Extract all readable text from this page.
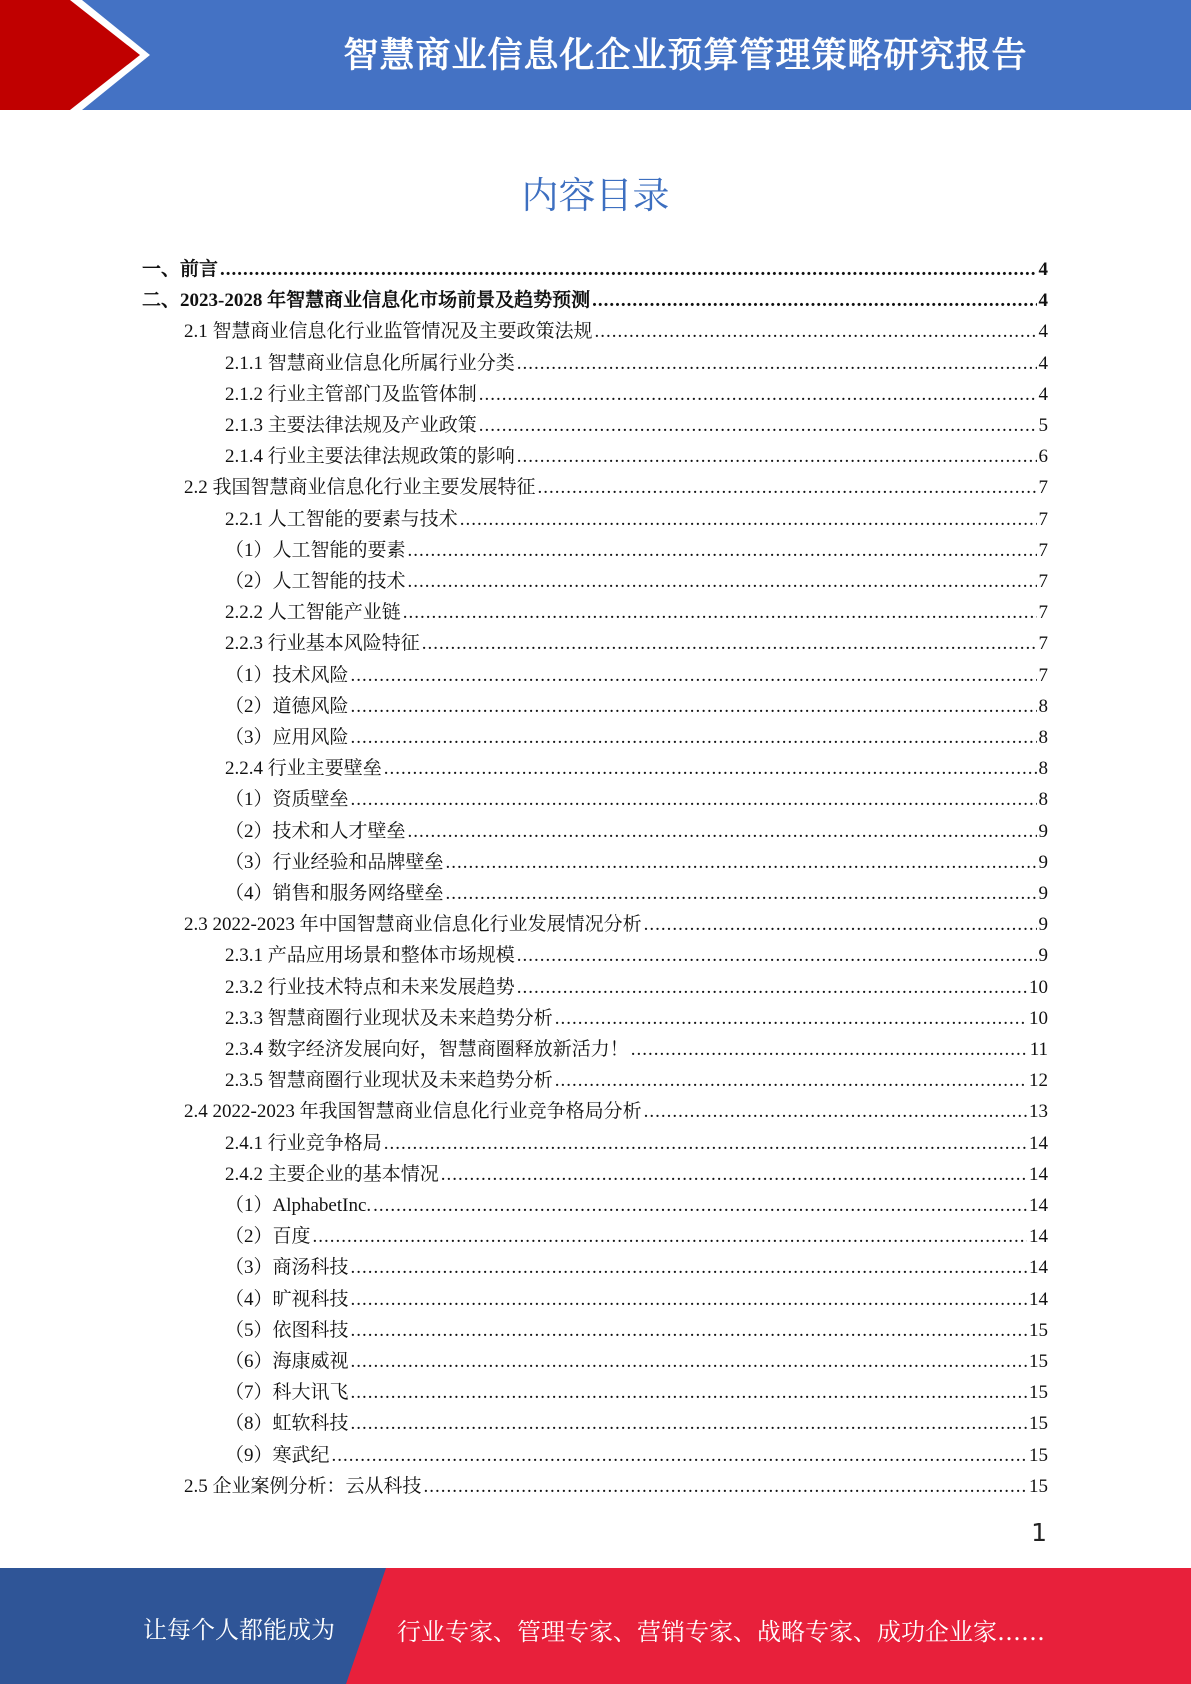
智慧商业信息化企业预算管理策略研究报告
内容目录
一、前言 .....	4
二、2023-2028 年智慧商业信息化市场前景及趋势预测 .....	4
2.1 智慧商业信息化行业监管情况及主要政策法规 .....	4
2.1.1 智慧商业信息化所属行业分类 .....	4
2.1.2 行业主管部门及监管体制 .....	4
2.1.3 主要法律法规及产业政策 .....	5
2.1.4 行业主要法律法规政策的影响 .....	6
2.2 我国智慧商业信息化行业主要发展特征 .....	7
2.2.1 人工智能的要素与技术 .....	7
（1）人工智能的要素 .....	7
（2）人工智能的技术 .....	7
2.2.2 人工智能产业链 .....	7
2.2.3 行业基本风险特征 .....	7
（1）技术风险 .....	7
（2）道德风险 .....	8
（3）应用风险 .....	8
2.2.4 行业主要壁垒 .....	8
（1）资质壁垒 .....	8
（2）技术和人才壁垒 .....	9
（3）行业经验和品牌壁垒 .....	9
（4）销售和服务网络壁垒 .....	9
2.3 2022-2023 年中国智慧商业信息化行业发展情况分析 .....	9
2.3.1 产品应用场景和整体市场规模 .....	9
2.3.2 行业技术特点和未来发展趋势 .....	10
2.3.3 智慧商圈行业现状及未来趋势分析 .....	10
2.3.4 数字经济发展向好，智慧商圈释放新活力！ .....	11
2.3.5 智慧商圈行业现状及未来趋势分析 .....	12
2.4 2022-2023 年我国智慧商业信息化行业竞争格局分析 .....	13
2.4.1 行业竞争格局 .....	14
2.4.2 主要企业的基本情况 .....	14
（1）AlphabetInc. .....	14
（2）百度 .....	14
（3）商汤科技 .....	14
（4）旷视科技 .....	14
（5）依图科技 .....	15
（6）海康威视 .....	15
（7）科大讯飞 .....	15
（8）虹软科技 .....	15
（9）寒武纪 .....	15
2.5 企业案例分析：云从科技 .....	15
1
让每个人都能成为	行业专家、管理专家、营销专家、战略专家、成功企业家……
